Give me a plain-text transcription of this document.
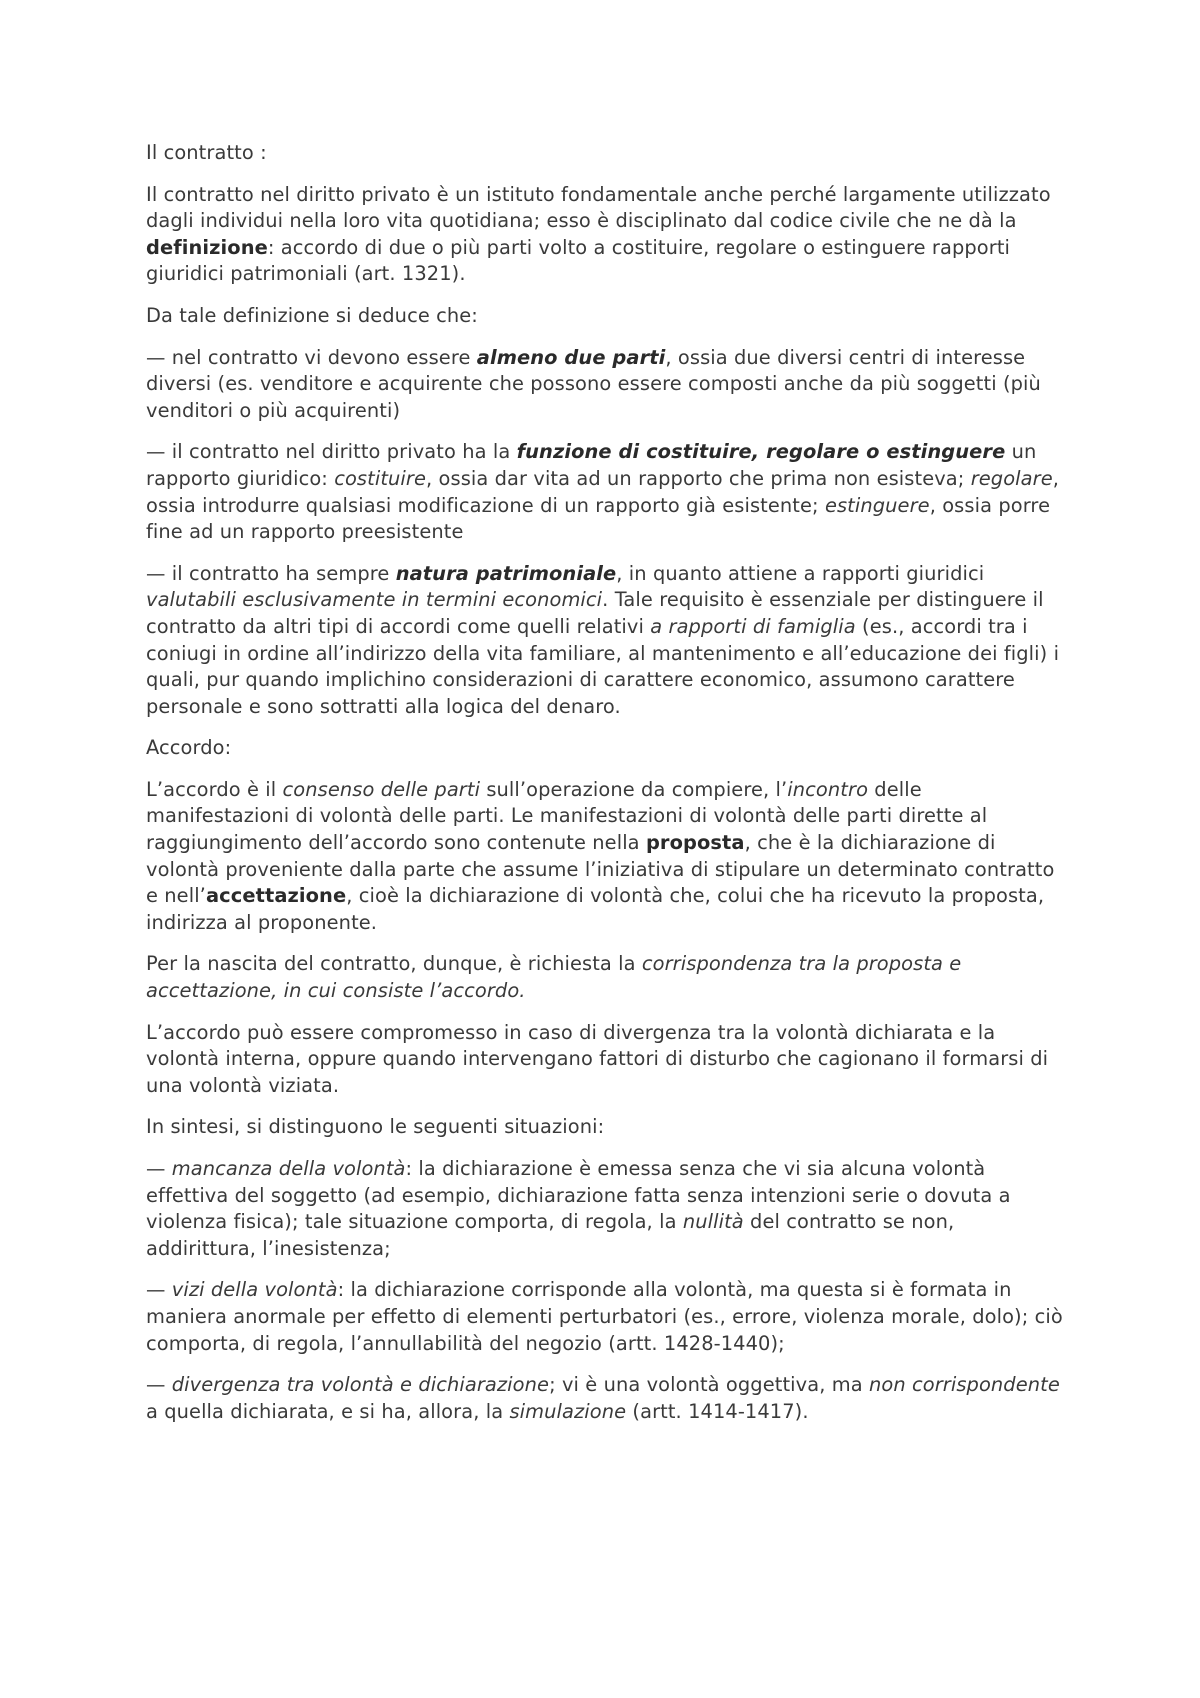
Il contratto :

Il contratto nel diritto privato è un istituto fondamentale anche perché largamente utilizzato dagli individui nella loro vita quotidiana; esso è disciplinato dal codice civile che ne dà la definizione: accordo di due o più parti volto a costituire, regolare o estinguere rapporti giuridici patrimoniali (art. 1321).

Da tale definizione si deduce che:

— nel contratto vi devono essere almeno due parti, ossia due diversi centri di interesse diversi (es. venditore e acquirente che possono essere composti anche da più soggetti (più venditori o più acquirenti)

— il contratto nel diritto privato ha la funzione di costituire, regolare o estinguere un rapporto giuridico: costituire, ossia dar vita ad un rapporto che prima non esisteva; regolare, ossia introdurre qualsiasi modificazione di un rapporto già esistente; estinguere, ossia porre fine ad un rapporto preesistente

— il contratto ha sempre natura patrimoniale, in quanto attiene a rapporti giuridici valutabili esclusivamente in termini economici. Tale requisito è essenziale per distinguere il contratto da altri tipi di accordi come quelli relativi a rapporti di famiglia (es., accordi tra i coniugi in ordine all’indirizzo della vita familiare, al mantenimento e all’educazione dei figli) i quali, pur quando implichino considerazioni di carattere economico, assumono carattere personale e sono sottratti alla logica del denaro.

Accordo:

L’accordo è il consenso delle parti sull’operazione da compiere, l’incontro delle manifestazioni di volontà delle parti. Le manifestazioni di volontà delle parti dirette al raggiungimento dell’accordo sono contenute nella proposta, che è la dichiarazione di volontà proveniente dalla parte che assume l’iniziativa di stipulare un determinato contratto e nell’accettazione, cioè la dichiarazione di volontà che, colui che ha ricevuto la proposta, indirizza al proponente.

Per la nascita del contratto, dunque, è richiesta la corrispondenza tra la proposta e accettazione, in cui consiste l’accordo.

L’accordo può essere compromesso in caso di divergenza tra la volontà dichiarata e la volontà interna, oppure quando intervengano fattori di disturbo che cagionano il formarsi di una volontà viziata.

In sintesi, si distinguono le seguenti situazioni:

— mancanza della volontà: la dichiarazione è emessa senza che vi sia alcuna volontà effettiva del soggetto (ad esempio, dichiarazione fatta senza intenzioni serie o dovuta a violenza fisica); tale situazione comporta, di regola, la nullità del contratto se non, addirittura, l’inesistenza;

— vizi della volontà: la dichiarazione corrisponde alla volontà, ma questa si è formata in maniera anormale per effetto di elementi perturbatori (es., errore, violenza morale, dolo); ciò comporta, di regola, l’annullabilità del negozio (artt. 1428-1440);

— divergenza tra volontà e dichiarazione; vi è una volontà oggettiva, ma non corrispondente a quella dichiarata, e si ha, allora, la simulazione (artt. 1414-1417).
